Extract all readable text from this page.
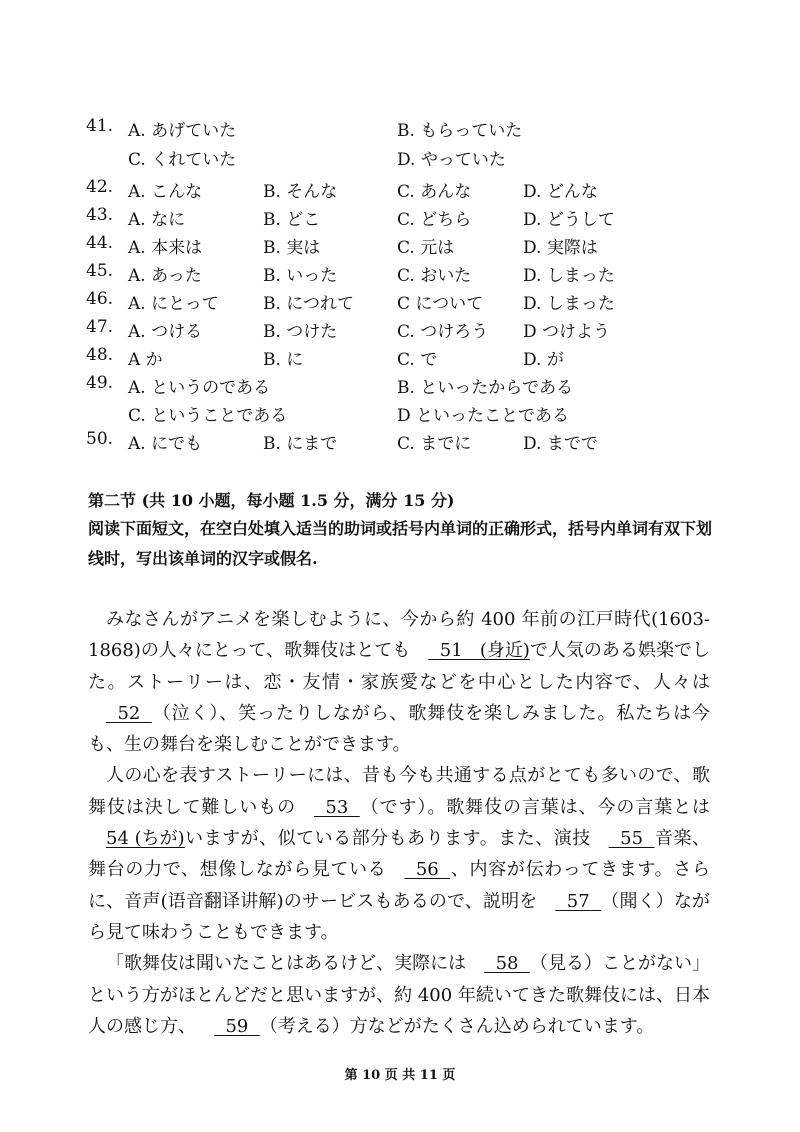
41. A. あげていた	B. もらっていた
C. くれていた	D. やっていた
42. A. こんな	B. そんな	C. あんな	D. どんな
43. A. なに	B. どこ	C. どちら	D. どうして
44. A. 本来は	B. 実は	C. 元は	D. 実際は
45. A. あった	B. いった	C. おいた	D. しまった
46. A. にとって	B. につれて	C について D. しまった
47. A. つける	B. つけた	C. つけろう D つけよう
48. A か	B. に	C. で	D. が
49. A. というのである	B. といったからである
C. ということである	D といったことである
50. A. にでも	B. にまで	C. までに	D. までで
第二节 (共 10 小题，每小题 1.5 分，满分 15 分)
阅读下面短文，在空白处填入适当的助词或括号内单词的正确形式，括号内单词有双下划线时，写出该单词的汉字或假名.

みなさんがアニメを楽しむように、今から約 400 年前の江戸時代(1603-1868)の人々にとって、歌舞伎はとても  51   (身近)で人気のある娯楽でした。ストーリーは、恋・友情・家族愛などを中心とした内容で、人々は  52  （泣く）、笑ったりしながら、歌舞伎を楽しみました。私たちは今も、生の舞台を楽しむことができます。

人の心を表すストーリーには、昔も今も共通する点がとても多いので、歌舞伎は決して難しいもの  53  （です）。歌舞伎の言葉は、今の言葉とは54 (ちが)いますが、似ている部分もあります。また、演技  55  音楽、舞台の力で、想像しながら見ている  56  、内容が伝わってきます。さらに、音声(语音翻译讲解)のサービスもあるので、説明を  57  （聞く）ながら見て味わうこともできます。

「歌舞伎は聞いたことはあるけど、実際には  58  （見る）ことがない」という方がほとんどだと思いますが、約 400 年続いてきた歌舞伎には、日本人の感じ方、  59  （考える）方などがたくさん込められています。

第 10 页 共 11 页
